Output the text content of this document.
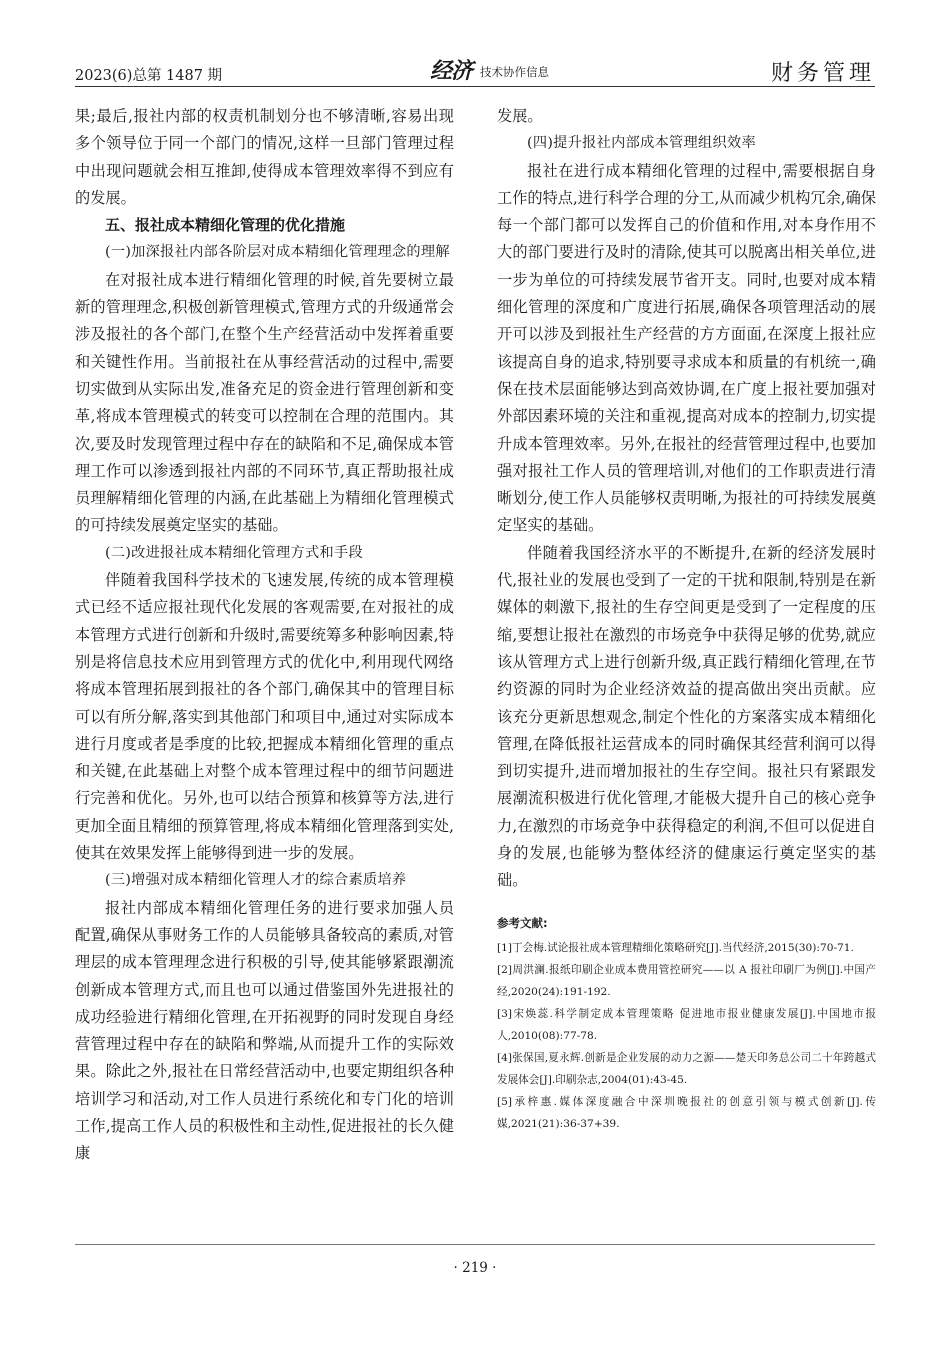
2023(6)总第 1487 期	经济 技术协作信息	财务管理

果;最后,报社内部的权责机制划分也不够清晰,容易出现多个领导位于同一个部门的情况,这样一旦部门管理过程中出现问题就会相互推卸,使得成本管理效率得不到应有的发展。

五、报社成本精细化管理的优化措施
(一)加深报社内部各阶层对成本精细化管理理念的理解

在对报社成本进行精细化管理的时候,首先要树立最新的管理理念,积极创新管理模式,管理方式的升级通常会涉及报社的各个部门,在整个生产经营活动中发挥着重要和关键性作用。当前报社在从事经营活动的过程中,需要切实做到从实际出发,准备充足的资金进行管理创新和变革,将成本管理模式的转变可以控制在合理的范围内。其次,要及时发现管理过程中存在的缺陷和不足,确保成本管理工作可以渗透到报社内部的不同环节,真正帮助报社成员理解精细化管理的内涵,在此基础上为精细化管理模式的可持续发展奠定坚实的基础。

(二)改进报社成本精细化管理方式和手段

伴随着我国科学技术的飞速发展,传统的成本管理模式已经不适应报社现代化发展的客观需要,在对报社的成本管理方式进行创新和升级时,需要统筹多种影响因素,特别是将信息技术应用到管理方式的优化中,利用现代网络将成本管理拓展到报社的各个部门,确保其中的管理目标可以有所分解,落实到其他部门和项目中,通过对实际成本进行月度或者是季度的比较,把握成本精细化管理的重点和关键,在此基础上对整个成本管理过程中的细节问题进行完善和优化。另外,也可以结合预算和核算等方法,进行更加全面且精细的预算管理,将成本精细化管理落到实处,使其在效果发挥上能够得到进一步的发展。

(三)增强对成本精细化管理人才的综合素质培养

报社内部成本精细化管理任务的进行要求加强人员配置,确保从事财务工作的人员能够具备较高的素质,对管理层的成本管理理念进行积极的引导,使其能够紧跟潮流创新成本管理方式,而且也可以通过借鉴国外先进报社的成功经验进行精细化管理,在开拓视野的同时发现自身经营管理过程中存在的缺陷和弊端,从而提升工作的实际效果。除此之外,报社在日常经营活动中,也要定期组织各种培训学习和活动,对工作人员进行系统化和专门化的培训工作,提高工作人员的积极性和主动性,促进报社的长久健康

发展。

(四)提升报社内部成本管理组织效率

报社在进行成本精细化管理的过程中,需要根据自身工作的特点,进行科学合理的分工,从而减少机构冗余,确保每一个部门都可以发挥自己的价值和作用,对本身作用不大的部门要进行及时的清除,使其可以脱离出相关单位,进一步为单位的可持续发展节省开支。同时,也要对成本精细化管理的深度和广度进行拓展,确保各项管理活动的展开可以涉及到报社生产经营的方方面面,在深度上报社应该提高自身的追求,特别要寻求成本和质量的有机统一,确保在技术层面能够达到高效协调,在广度上报社要加强对外部因素环境的关注和重视,提高对成本的控制力,切实提升成本管理效率。另外,在报社的经营管理过程中,也要加强对报社工作人员的管理培训,对他们的工作职责进行清晰划分,使工作人员能够权责明晰,为报社的可持续发展奠定坚实的基础。

伴随着我国经济水平的不断提升,在新的经济发展时代,报社业的发展也受到了一定的干扰和限制,特别是在新媒体的刺激下,报社的生存空间更是受到了一定程度的压缩,要想让报社在激烈的市场竞争中获得足够的优势,就应该从管理方式上进行创新升级,真正践行精细化管理,在节约资源的同时为企业经济效益的提高做出突出贡献。应该充分更新思想观念,制定个性化的方案落实成本精细化管理,在降低报社运营成本的同时确保其经营利润可以得到切实提升,进而增加报社的生存空间。报社只有紧跟发展潮流积极进行优化管理,才能极大提升自己的核心竞争力,在激烈的市场竞争中获得稳定的利润,不但可以促进自身的发展,也能够为整体经济的健康运行奠定坚实的基础。

参考文献:

[1]丁会梅.试论报社成本管理精细化策略研究[J].当代经济,2015(30):70-71.

[2]周洪澜.报纸印刷企业成本费用管控研究——以 A 报社印刷厂为例[J].中国产经,2020(24):191-192.

[3]宋焕蕊.科学制定成本管理策略 促进地市报业健康发展[J].中国地市报人,2010(08):77-78.

[4]张保国,夏永辉.创新是企业发展的动力之源——楚天印务总公司二十年跨越式发展体会[J].印刷杂志,2004(01):43-45.

[5]承梓惠.媒体深度融合中深圳晚报社的创意引领与模式创新[J].传媒,2021(21):36-37+39.

· 219 ·
